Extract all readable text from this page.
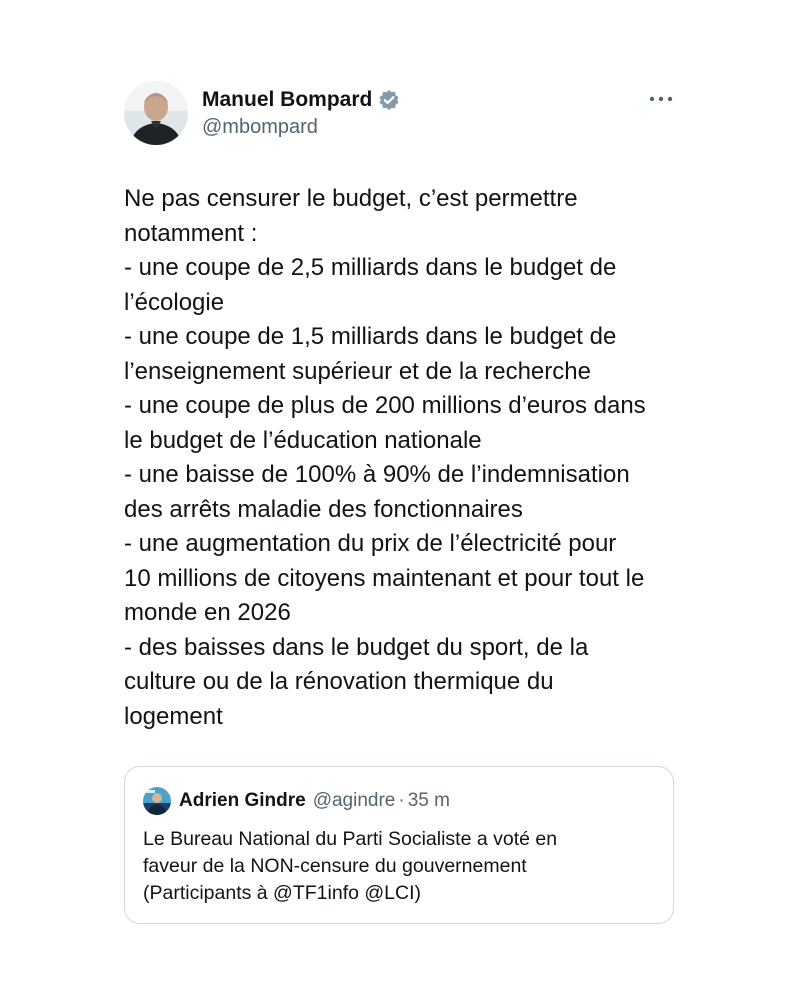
Manuel Bompard
@mbompard
Ne pas censurer le budget, c’est permettre
notamment :
- une coupe de 2,5 milliards dans le budget de
l’écologie
- une coupe de 1,5 milliards dans le budget de
l’enseignement supérieur et de la recherche
- une coupe de plus de 200 millions d’euros dans
le budget de l’éducation nationale
- une baisse de 100% à 90% de l’indemnisation
des arrêts maladie des fonctionnaires
- une augmentation du prix de l’électricité pour
10 millions de citoyens maintenant et pour tout le
monde en 2026
- des baisses dans le budget du sport, de la
culture ou de la rénovation thermique du
logement
Adrien Gindre @agindre · 35 m
Le Bureau National du Parti Socialiste a voté en
faveur de la NON-censure du gouvernement
(Participants à @TF1info @LCI)
